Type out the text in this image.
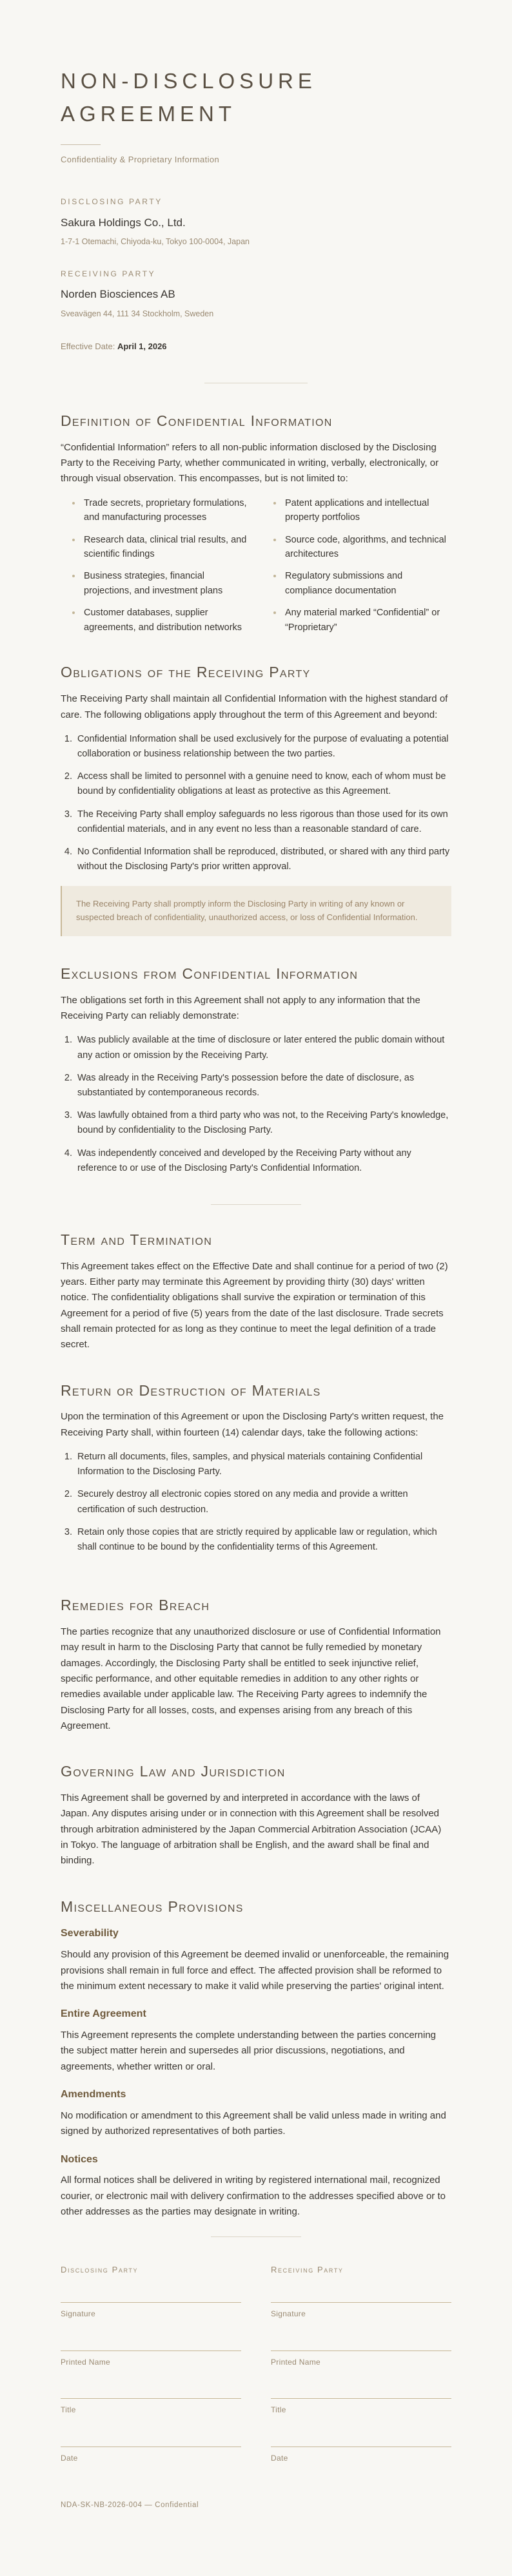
NON-DISCLOSURE AGREEMENT
Confidentiality & Proprietary Information
DISCLOSING PARTY
Sakura Holdings Co., Ltd.
1-7-1 Otemachi, Chiyoda-ku, Tokyo 100-0004, Japan
RECEIVING PARTY
Norden Biosciences AB
Sveavägen 44, 111 34 Stockholm, Sweden
Effective Date: April 1, 2026
Definition of Confidential Information

“Confidential Information” refers to all non-public information disclosed by the Disclosing Party to the Receiving Party, whether communicated in writing, verbally, electronically, or through visual observation. This encompasses, but is not limited to:

Trade secrets, proprietary formulations, and manufacturing processes
Patent applications and intellectual property portfolios
Research data, clinical trial results, and scientific findings
Source code, algorithms, and technical architectures
Business strategies, financial projections, and investment plans
Regulatory submissions and compliance documentation
Customer databases, supplier agreements, and distribution networks
Any material marked “Confidential” or “Proprietary”
Obligations of the Receiving Party

The Receiving Party shall maintain all Confidential Information with the highest standard of care. The following obligations apply throughout the term of this Agreement and beyond:

1. Confidential Information shall be used exclusively for the purpose of evaluating a potential collaboration or business relationship between the two parties.
2. Access shall be limited to personnel with a genuine need to know, each of whom must be bound by confidentiality obligations at least as protective as this Agreement.
3. The Receiving Party shall employ safeguards no less rigorous than those used for its own confidential materials, and in any event no less than a reasonable standard of care.
4. No Confidential Information shall be reproduced, distributed, or shared with any third party without the Disclosing Party's prior written approval.
The Receiving Party shall promptly inform the Disclosing Party in writing of any known or suspected breach of confidentiality, unauthorized access, or loss of Confidential Information.
Exclusions from Confidential Information

The obligations set forth in this Agreement shall not apply to any information that the Receiving Party can reliably demonstrate:

1. Was publicly available at the time of disclosure or later entered the public domain without any action or omission by the Receiving Party.
2. Was already in the Receiving Party's possession before the date of disclosure, as substantiated by contemporaneous records.
3. Was lawfully obtained from a third party who was not, to the Receiving Party's knowledge, bound by confidentiality to the Disclosing Party.
4. Was independently conceived and developed by the Receiving Party without any reference to or use of the Disclosing Party's Confidential Information.
Term and Termination

This Agreement takes effect on the Effective Date and shall continue for a period of two (2) years. Either party may terminate this Agreement by providing thirty (30) days' written notice. The confidentiality obligations shall survive the expiration or termination of this Agreement for a period of five (5) years from the date of the last disclosure. Trade secrets shall remain protected for as long as they continue to meet the legal definition of a trade secret.

Return or Destruction of Materials

Upon the termination of this Agreement or upon the Disclosing Party's written request, the Receiving Party shall, within fourteen (14) calendar days, take the following actions:

1. Return all documents, files, samples, and physical materials containing Confidential Information to the Disclosing Party.
2. Securely destroy all electronic copies stored on any media and provide a written certification of such destruction.
3. Retain only those copies that are strictly required by applicable law or regulation, which shall continue to be bound by the confidentiality terms of this Agreement.
Remedies for Breach

The parties recognize that any unauthorized disclosure or use of Confidential Information may result in harm to the Disclosing Party that cannot be fully remedied by monetary damages. Accordingly, the Disclosing Party shall be entitled to seek injunctive relief, specific performance, and other equitable remedies in addition to any other rights or remedies available under applicable law. The Receiving Party agrees to indemnify the Disclosing Party for all losses, costs, and expenses arising from any breach of this Agreement.

Governing Law and Jurisdiction

This Agreement shall be governed by and interpreted in accordance with the laws of Japan. Any disputes arising under or in connection with this Agreement shall be resolved through arbitration administered by the Japan Commercial Arbitration Association (JCAA) in Tokyo. The language of arbitration shall be English, and the award shall be final and binding.

Miscellaneous Provisions
Severability

Should any provision of this Agreement be deemed invalid or unenforceable, the remaining provisions shall remain in full force and effect. The affected provision shall be reformed to the minimum extent necessary to make it valid while preserving the parties' original intent.

Entire Agreement

This Agreement represents the complete understanding between the parties concerning the subject matter herein and supersedes all prior discussions, negotiations, and agreements, whether written or oral.

Amendments

No modification or amendment to this Agreement shall be valid unless made in writing and signed by authorized representatives of both parties.

Notices

All formal notices shall be delivered in writing by registered international mail, recognized courier, or electronic mail with delivery confirmation to the addresses specified above or to other addresses as the parties may designate in writing.

Disclosing Party
Signature
Printed Name
Title
Date
Receiving Party
Signature
Printed Name
Title
Date
NDA-SK-NB-2026-004 — Confidential
